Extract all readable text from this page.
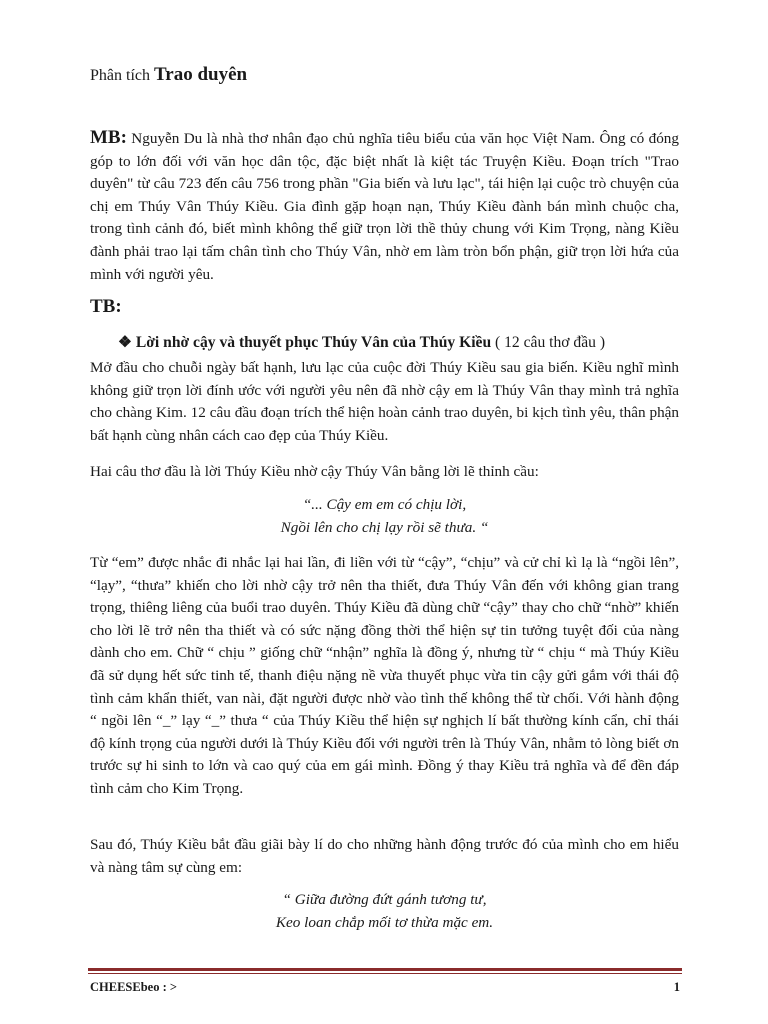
Phân tích Trao duyên
MB: Nguyễn Du là nhà thơ nhân đạo chủ nghĩa tiêu biểu của văn học Việt Nam. Ông có đóng góp to lớn đối với văn học dân tộc, đặc biệt nhất là kiệt tác Truyện Kiều. Đoạn trích "Trao duyên" từ câu 723 đến câu 756 trong phần "Gia biến và lưu lạc", tái hiện lại cuộc trò chuyện của chị em Thúy Vân Thúy Kiều. Gia đình gặp hoạn nạn, Thúy Kiều đành bán mình chuộc cha, trong tình cảnh đó, biết mình không thể giữ trọn lời thề thủy chung với Kim Trọng, nàng Kiều đành phải trao lại tấm chân tình cho Thúy Vân, nhờ em làm tròn bổn phận, giữ trọn lời hứa của mình với người yêu.
TB:
❖ Lời nhờ cậy và thuyết phục Thúy Vân của Thúy Kiều ( 12 câu thơ đầu )
Mở đầu cho chuỗi ngày bất hạnh, lưu lạc của cuộc đời Thúy Kiều sau gia biến. Kiều nghĩ mình không giữ trọn lời đính ước với người yêu nên đã nhờ cậy em là Thúy Vân thay mình trả nghĩa cho chàng Kim. 12 câu đầu đoạn trích thể hiện hoàn cảnh trao duyên, bi kịch tình yêu, thân phận bất hạnh cùng nhân cách cao đẹp của Thúy Kiều.
Hai câu thơ đầu là lời Thúy Kiều nhờ cậy Thúy Vân bằng lời lẽ thỉnh cầu:
“... Cậy em em có chịu lời,
Ngồi lên cho chị lạy rồi sẽ thưa. “
Từ “em” được nhắc đi nhắc lại hai lần, đi liền với từ “cậy”, “chịu” và cử chỉ kì lạ là “ngồi lên”, “lạy”, “thưa” khiến cho lời nhờ cậy trở nên tha thiết, đưa Thúy Vân đến với không gian trang trọng, thiêng liêng của buổi trao duyên. Thúy Kiều đã dùng chữ “cậy” thay cho chữ “nhờ” khiến cho lời lẽ trở nên tha thiết và có sức nặng đồng thời thể hiện sự tin tưởng tuyệt đối của nàng dành cho em. Chữ “ chịu ” giống chữ “nhận” nghĩa là đồng ý, nhưng từ “ chịu “ mà Thúy Kiều đã sử dụng hết sức tinh tế, thanh điệu nặng nề vừa thuyết phục vừa tin cậy gửi gắm với thái độ tình cảm khẩn thiết, van nài, đặt người được nhờ vào tình thế không thể từ chối. Với hành động “ ngồi lên “_” lạy “_” thưa “ của Thúy Kiều thể hiện sự nghịch lí bất thường kính cẩn, chỉ thái độ kính trọng của người dưới là Thúy Kiều đối với người trên là Thúy Vân, nhằm tỏ lòng biết ơn trước sự hi sinh to lớn và cao quý của em gái mình. Đồng ý thay Kiều trả nghĩa và để đền đáp tình cảm cho Kim Trọng.
Sau đó, Thúy Kiều bắt đầu giãi bày lí do cho những hành động trước đó của mình cho em hiểu và nàng tâm sự cùng em:
“ Giữa đường đứt gánh tương tư,
Keo loan chắp mối tơ thừa mặc em.
CHEESEbeo : >	1
